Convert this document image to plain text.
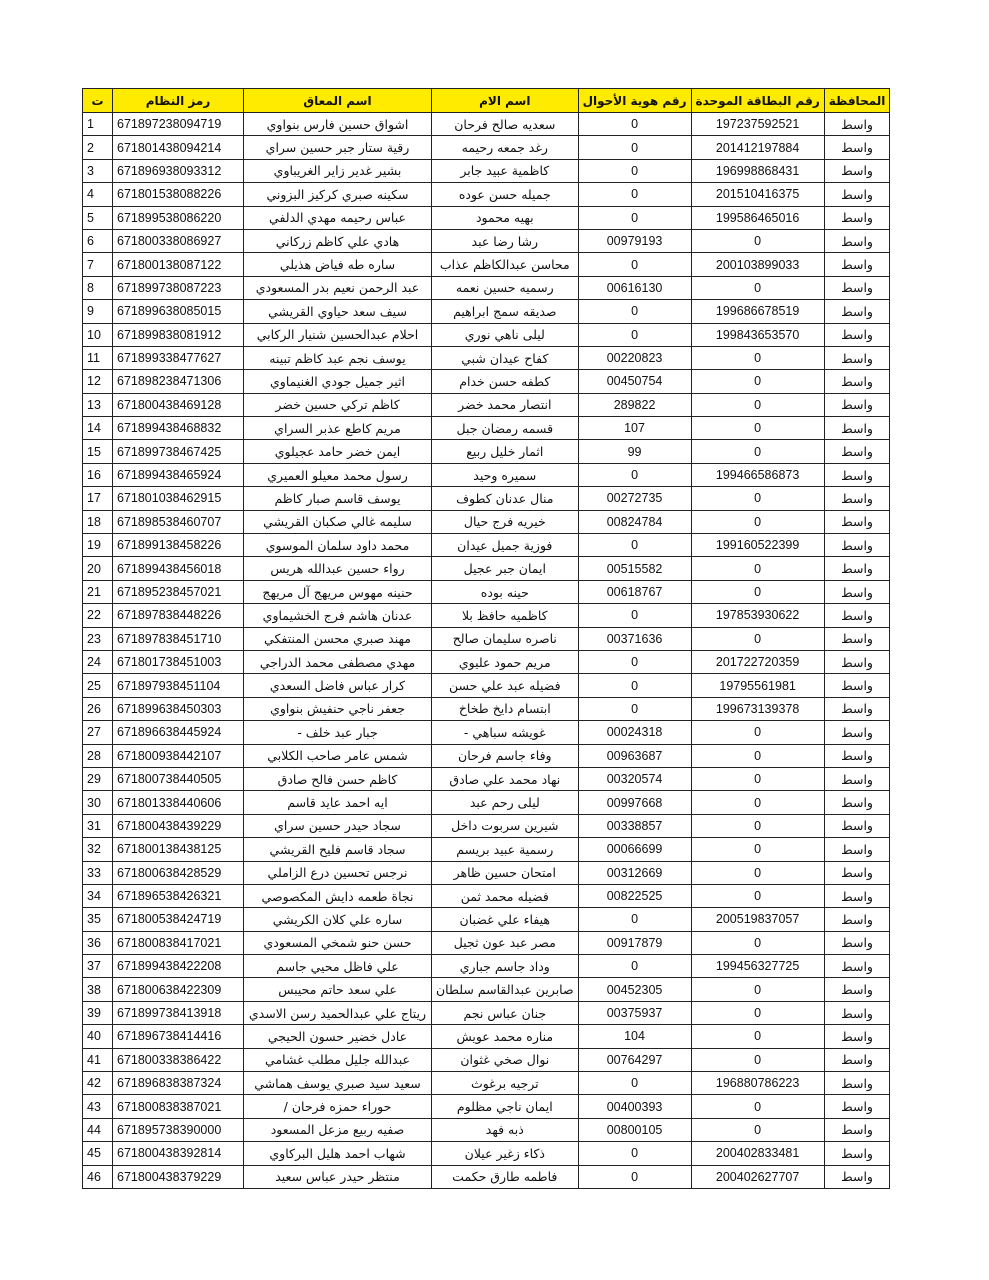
المحافظة	رقم البطاقة الموحدة	رقم هوية الأحوال	اسم الام	اسم المعاق	رمز النظام	ت
واسط	197237592521	0	سعديه صالح فرحان	اشواق حسين فارس بنواوي	671897238094719	1
واسط	201412197884	0	رغد جمعه رحيمه	رقية ستار جبر حسين سراي	671801438094214	2
واسط	196998868431	0	كاظمية عبيد جابر	بشير غدير زاير الغريباوي	671896938093312	3
واسط	201510416375	0	جميله حسن عوده	سكينه صبري كركيز البزوني	671801538088226	4
واسط	199586465016	0	بهيه محمود	عباس رحيمه مهدي الدلفي	671899538086220	5
واسط	0	00979193	رشا رضا عبد	هادي علي كاظم زركاني	671800338086927	6
واسط	200103899033	0	محاسن عبدالكاظم عذاب	ساره طه فياض هذيلي	671800138087122	7
واسط	0	00616130	رسميه حسين نعمه	عبد الرحمن نعيم بدر المسعودي	671899738087223	8
واسط	199686678519	0	صديقه سمج ابراهيم	سيف سعد حياوي القريشي	671899638085015	9
واسط	199843653570	0	ليلى ناهي نوري	احلام عبدالحسين شنيار الركابي	671899838081912	10
واسط	0	00220823	كفاح عيدان شبي	يوسف نجم عبد كاظم تبينه	671899338477627	11
واسط	0	00450754	كطفه حسن خدام	اثير جميل جودي الغنيماوي	671898238471306	12
واسط	0	289822	انتصار محمد خضر	كاظم تركي حسين خضر	671800438469128	13
واسط	0	107	قسمه رمضان جبل	مريم كاطع عذبر السراي	671899438468832	14
واسط	0	99	اثمار خليل ربيع	ايمن خضر حامد عجيلوي	671899738467425	15
واسط	199466586873	0	سميره وحيد	رسول محمد معيلو العميري	671899438465924	16
واسط	0	00272735	منال عدنان كطوف	يوسف قاسم صبار كاظم	671801038462915	17
واسط	0	00824784	خيريه فرج حيال	سليمه غالي صكبان القريشي	671898538460707	18
واسط	199160522399	0	فوزية جميل عيدان	محمد داود سلمان الموسوي	671899138458226	19
واسط	0	00515582	ايمان جبر عجيل	رواء حسين عبدالله هريس	671899438456018	20
واسط	0	00618767	حينه بوده	حنينه مهوس مريهج آل مريهج	671895238457021	21
واسط	197853930622	0	كاظميه حافظ بلا	عدنان هاشم فرج الخشيماوي	671897838448226	22
واسط	0	00371636	ناصره سليمان صالح	مهند صبري محسن المنتفكي	671897838451710	23
واسط	201722720359	0	مريم حمود عليوي	مهدي مصطفى محمد الدراجي	671801738451003	24
واسط	19795561981	0	فضيله عبد علي حسن	كرار عباس فاضل السعدي	671897938451104	25
واسط	199673139378	0	ابتسام دايخ طخاخ	جعفر ناجي حنفيش بنواوي	671899638450303	26
واسط	0	00024318	غويشه سباهي -	جبار عبد خلف -	671896638445924	27
واسط	0	00963687	وفاء جاسم فرحان	شمس عامر صاحب الكلابي	671800938442107	28
واسط	0	00320574	نهاد محمد علي صادق	كاظم حسن فالح صادق	671800738440505	29
واسط	0	00997668	ليلى رحم عبد	ايه احمد عايد قاسم	671801338440606	30
واسط	0	00338857	شيرين سربوت داخل	سجاد حيدر حسين سراي	671800438439229	31
واسط	0	00066699	رسمية عبيد بريسم	سجاد قاسم فليح القريشي	671800138438125	32
واسط	0	00312669	امتحان حسين ظاهر	نرجس تحسين درع الزاملي	671800638428529	33
واسط	0	00822525	فضيله محمد ثمن	نجاة طعمه دايش المكصوصي	671896538426321	34
واسط	200519837057	0	هيفاء علي غضبان	ساره علي كلان الكريشي	671800538424719	35
واسط	0	00917879	مصر عبد عون ثجيل	حسن حنو شمخي المسعودي	671800838417021	36
واسط	199456327725	0	وداد جاسم جباري	علي فاظل محيي جاسم	671899438422208	37
واسط	0	00452305	صابرين عبدالقاسم سلطان	علي سعد حاتم محيبس	671800638422309	38
واسط	0	00375937	جنان عباس نجم	ريتاج علي عبدالحميد رسن الاسدي	671899738413918	39
واسط	0	104	مناره محمد عويش	عادل خضير حسون الحيجي	671896738414416	40
واسط	0	00764297	نوال صخي غثوان	عبدالله جليل مطلب غشامي	671800338386422	41
واسط	196880786223	0	ترجيه برغوث	سعيد سيد صبري يوسف هماشي	671896838387324	42
واسط	0	00400393	ايمان ناجي مظلوم	حوراء حمزه فرحان /	671800838387021	43
واسط	0	00800105	ذبه فهد	صفيه ربيع مزعل المسعود	671895738390000	44
واسط	200402833481	0	ذكاء زغير عيلان	شهاب احمد هليل البركاوي	671800438392814	45
واسط	200402627707	0	فاطمه طارق حكمت	منتظر حيدر عباس سعيد	671800438379229	46
